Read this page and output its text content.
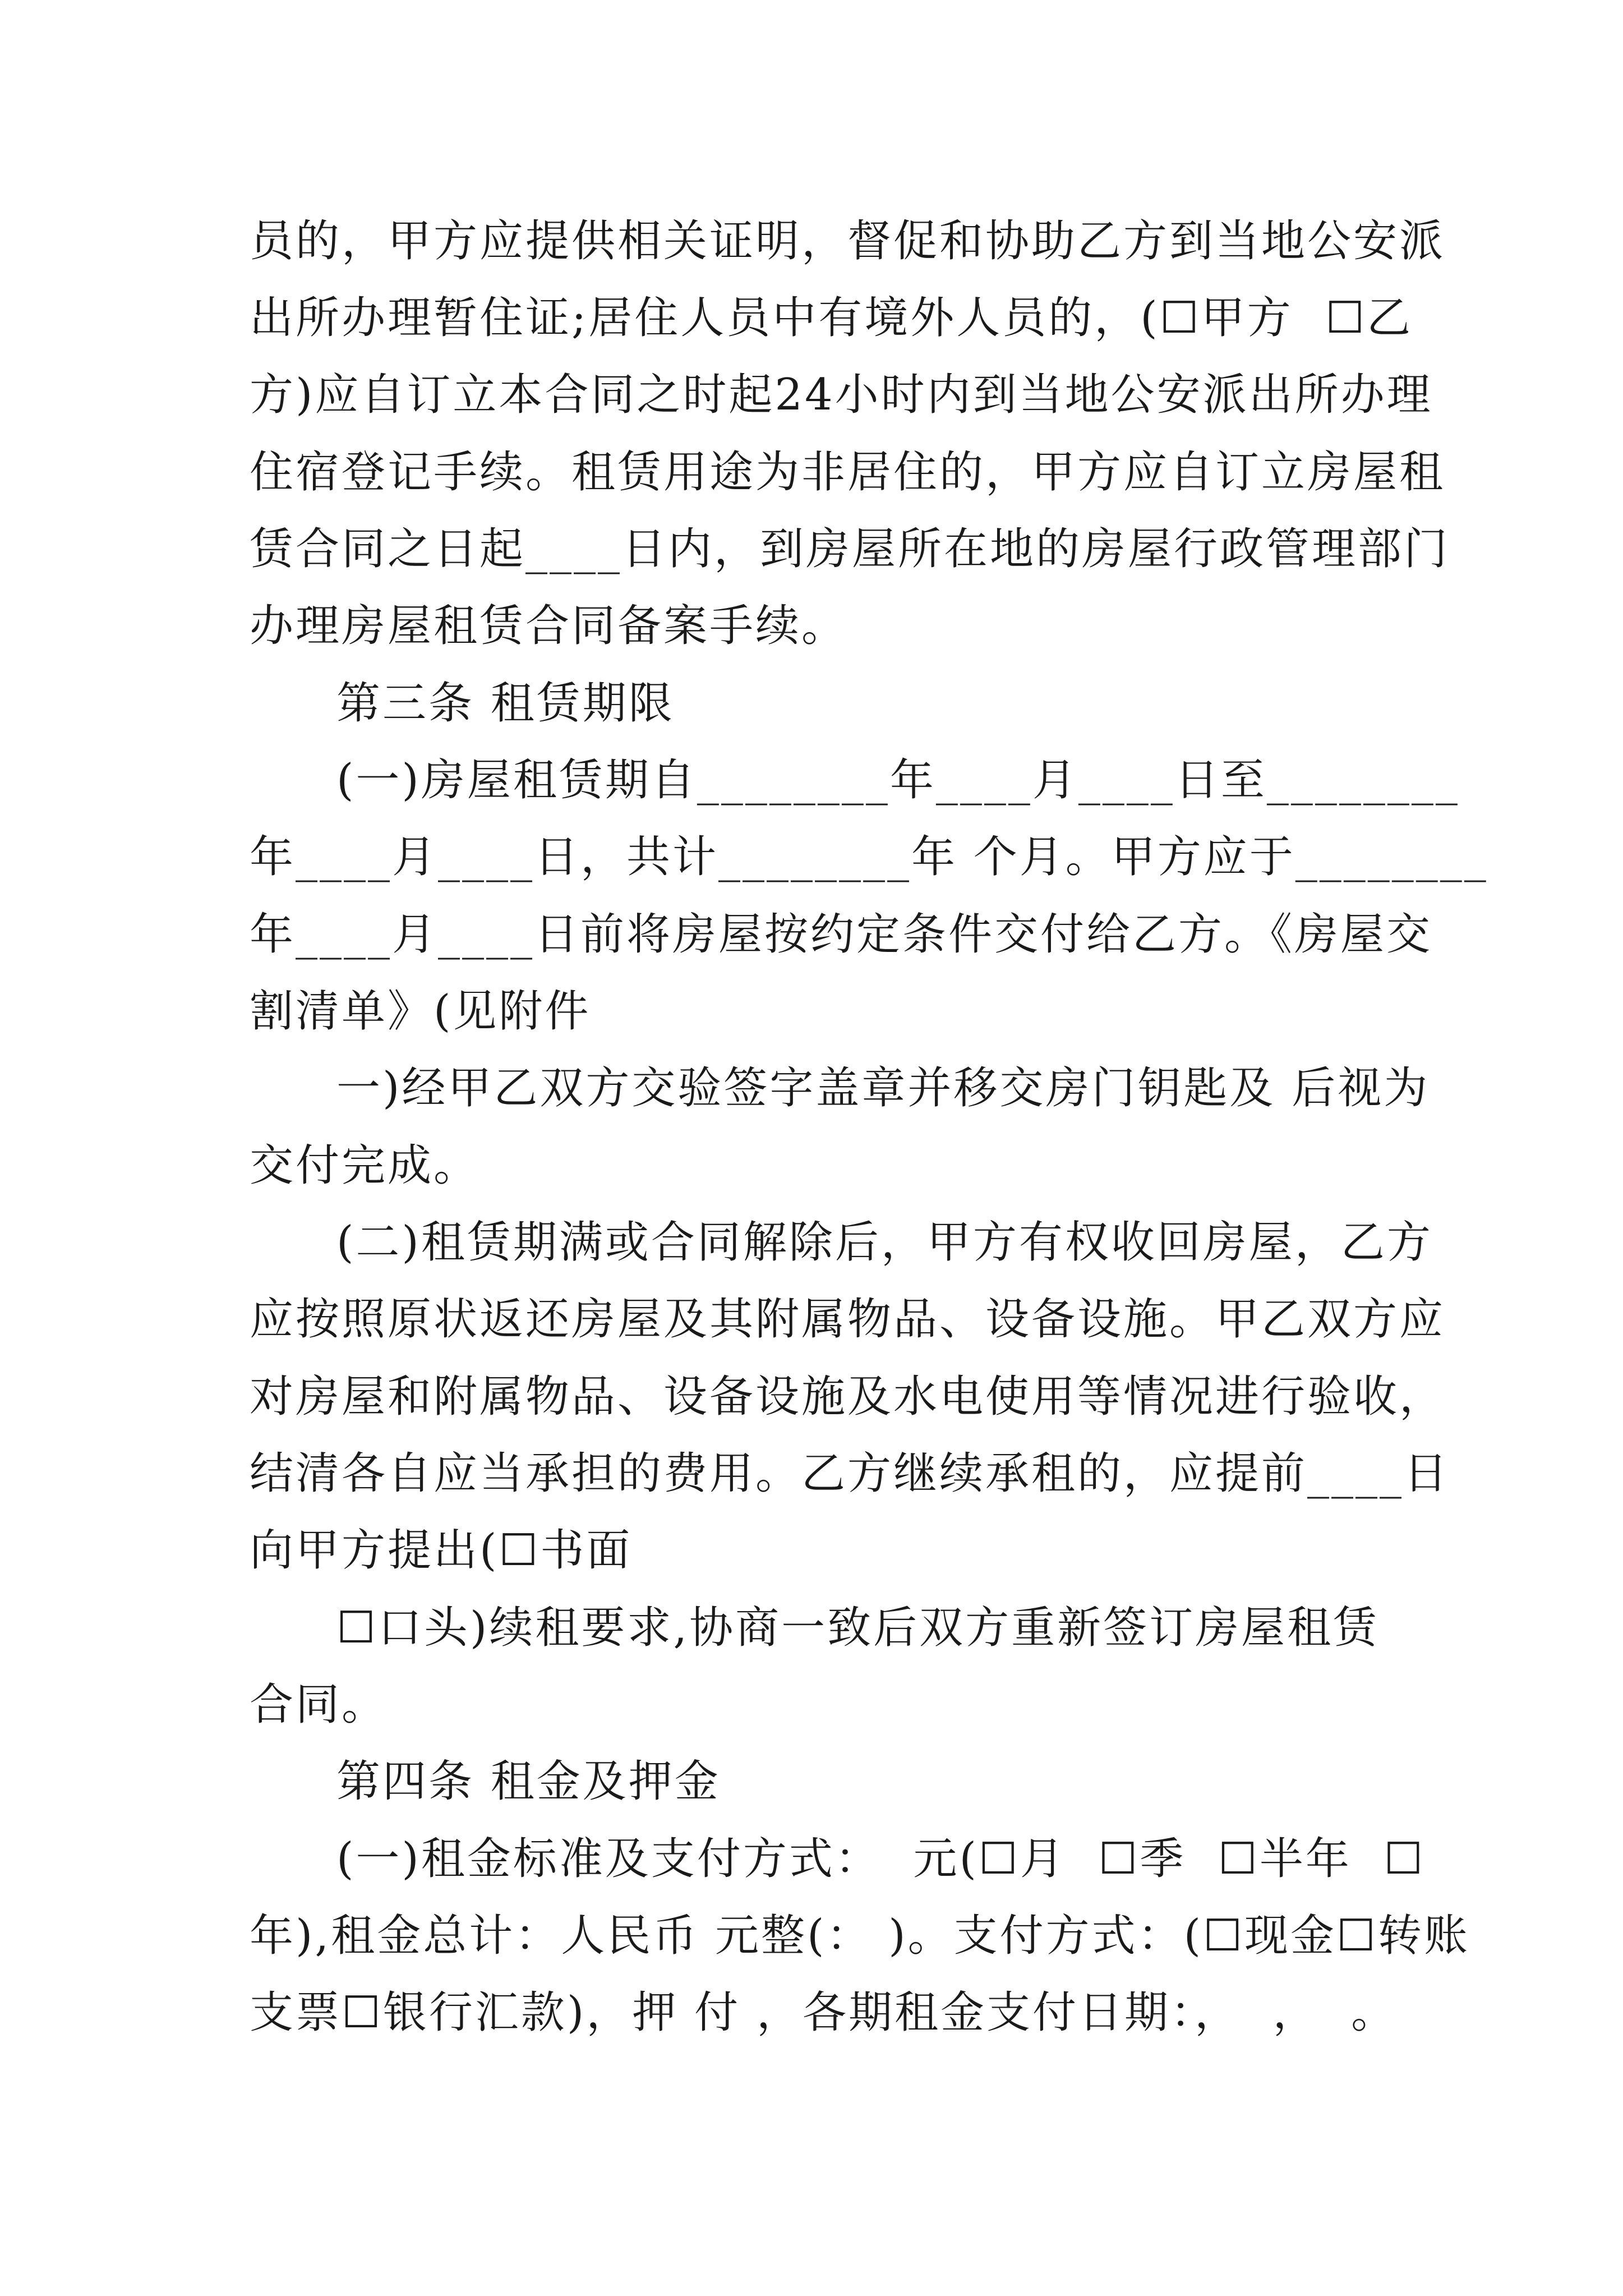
员的，甲方应提供相关证明，督促和协助乙方到当地公安派
出所办理暂住证;居住人员中有境外人员的，(☐甲方  ☐乙
方)应自订立本合同之时起24小时内到当地公安派出所办理
住宿登记手续。租赁用途为非居住的，甲方应自订立房屋租
赁合同之日起____日内，到房屋所在地的房屋行政管理部门
办理房屋租赁合同备案手续。
第三条 租赁期限
(一)房屋租赁期自________年____月____日至________
年____月____日，共计________年 个月。甲方应于________
年____月____日前将房屋按约定条件交付给乙方。《房屋交
割清单》(见附件
一)经甲乙双方交验签字盖章并移交房门钥匙及 后视为
交付完成。
(二)租赁期满或合同解除后，甲方有权收回房屋，乙方
应按照原状返还房屋及其附属物品、设备设施。甲乙双方应
对房屋和附属物品、设备设施及水电使用等情况进行验收，
结清各自应当承担的费用。乙方继续承租的，应提前____日
向甲方提出(☐书面
☐口头)续租要求,协商一致后双方重新签订房屋租赁
合同。
第四条 租金及押金
(一)租金标准及支付方式：  元(☐月  ☐季  ☐半年  ☐
年),租金总计：人民币 元整(： )。支付方式：(☐现金☐转账
支票☐银行汇款)，押 付 ，各期租金支付日期：，  ，  。
